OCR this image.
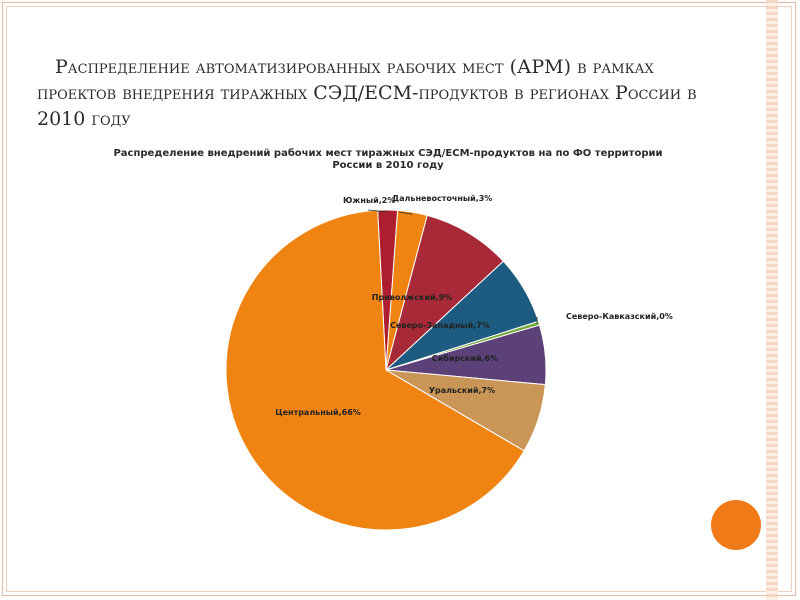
Распределение автоматизированных рабочих мест (АРМ) в рамках проектов внедрения тиражных СЭД/ECM-продуктов в регионах России в 2010 году
Распределение внедрений рабочих мест тиражных СЭД/ECM-продуктов на по ФО территории
России в 2010 году
Южный,2%
Дальневосточный,3%
Приволжский,9%
Северо-Западный,7%
Северо-Кавказский,0%
Сибирский,6%
Уральский,7%
Центральный,66%
